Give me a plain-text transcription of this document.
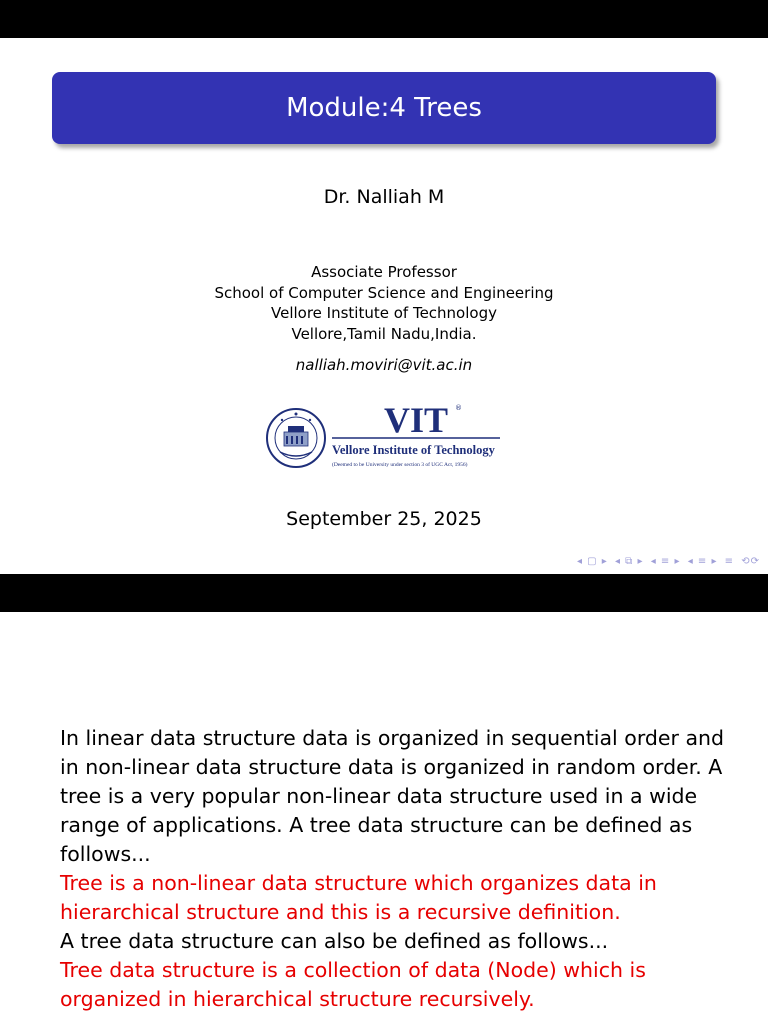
Module:4 Trees
Dr. Nalliah M
Associate Professor
School of Computer Science and Engineering
Vellore Institute of Technology
Vellore,Tamil Nadu,India.
nalliah.moviri@vit.ac.in
VIT ®
Vellore Institute of Technology
(Deemed to be University under section 3 of UGC Act, 1956)
September 25, 2025
◂ ▢ ▸ ◂ ⧉ ▸ ◂ ≡ ▸ ◂ ≡ ▸ ≡ ⟲⟳

In linear data structure data is organized in sequential order and in non-linear data structure data is organized in random order. A tree is a very popular non-linear data structure used in a wide range of applications. A tree data structure can be defined as follows...

Tree is a non-linear data structure which organizes data in hierarchical structure and this is a recursive definition.

A tree data structure can also be defined as follows...

Tree data structure is a collection of data (Node) which is organized in hierarchical structure recursively.
